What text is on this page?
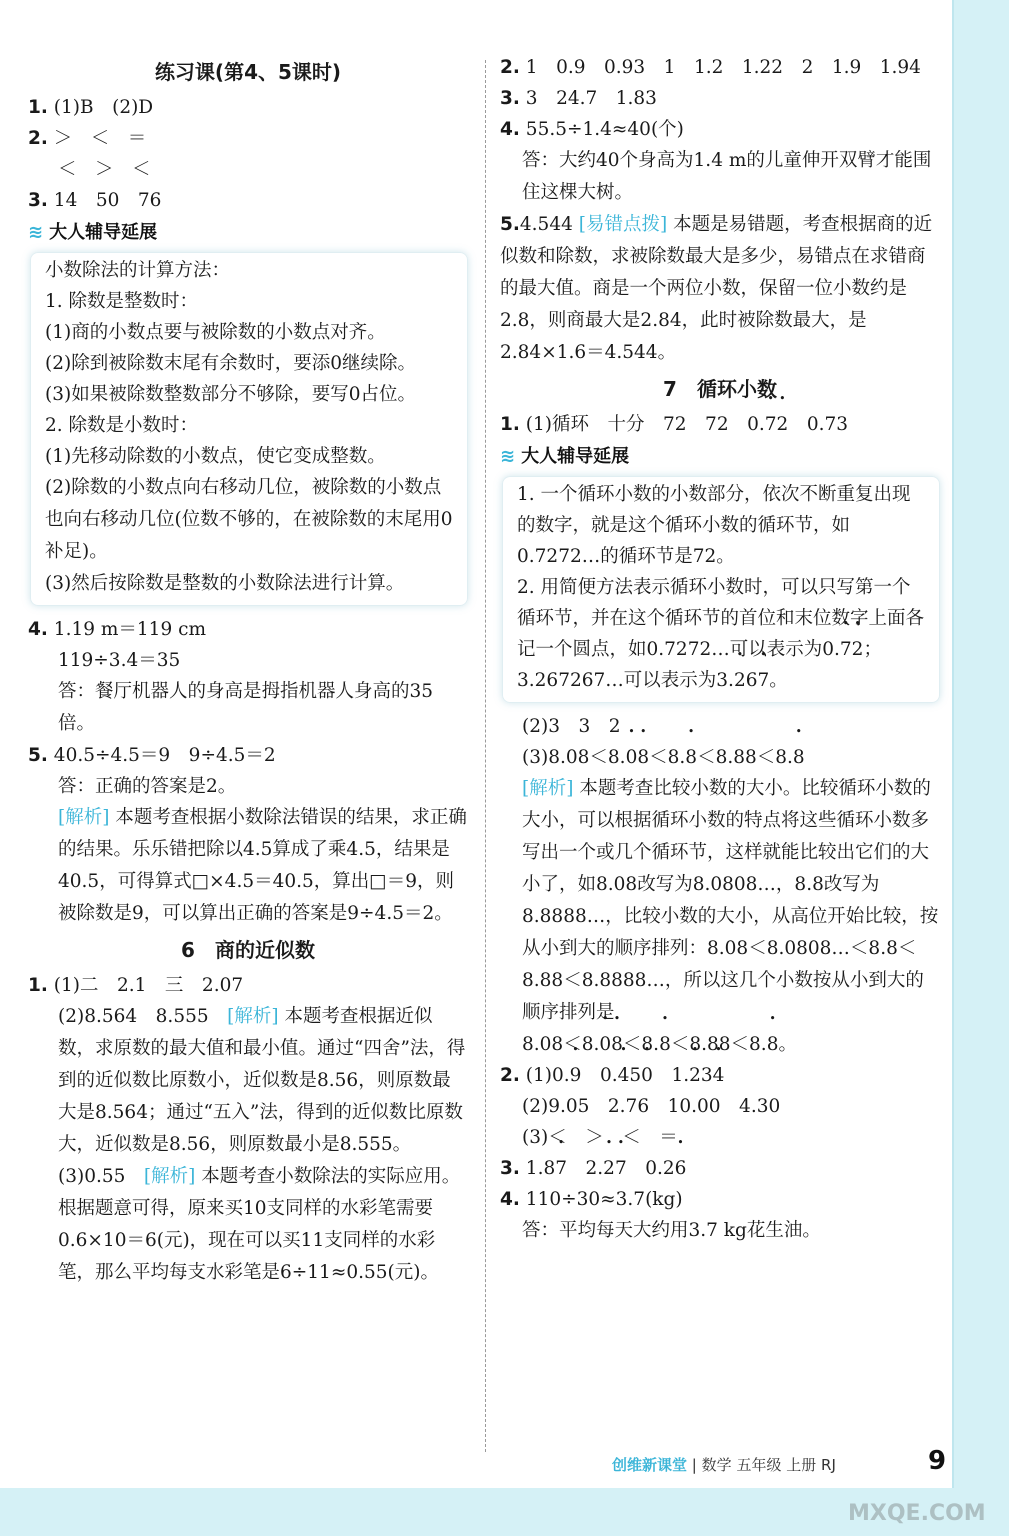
练习课(第4、5课时)
1. (1)B　(2)D
2. ＞　＜　＝
＜　＞　＜
3. 14　50　76
≋ 大人辅导延展
小数除法的计算方法：
1. 除数是整数时：
(1)商的小数点要与被除数的小数点对齐。
(2)除到被除数末尾有余数时，要添0继续除。
(3)如果被除数整数部分不够除，要写0占位。
2. 除数是小数时：
(1)先移动除数的小数点，使它变成整数。
(2)除数的小数点向右移动几位，被除数的小数点也向右移动几位(位数不够的，在被除数的末尾用0补足)。
(3)然后按除数是整数的小数除法进行计算。
4. 1.19 m＝119 cm
119÷3.4＝35
答：餐厅机器人的身高是拇指机器人身高的35倍。
5. 40.5÷4.5＝9　9÷4.5＝2
答：正确的答案是2。
[解析] 本题考查根据小数除法错误的结果，求正确的结果。乐乐错把除以4.5算成了乘4.5，结果是40.5，可得算式□×4.5＝40.5，算出□＝9，则被除数是9，可以算出正确的答案是9÷4.5＝2。
6　商的近似数
1. (1)二　2.1　三　2.07
(2)8.564　8.555　 [解析] 本题考查根据近似数，求原数的最大值和最小值。通过“四舍”法，得到的近似数比原数小，近似数是8.56，则原数最大是8.564；通过“五入”法，得到的近似数比原数大，近似数是8.56，则原数最小是8.555。
(3)0.55　 [解析] 本题考查小数除法的实际应用。根据题意可得，原来买10支同样的水彩笔需要0.6×10＝6(元)，现在可以买11支同样的水彩笔，那么平均每支水彩笔是6÷11≈0.55(元)。
2. 1　0.9　0.93　1　1.2　1.22　2　1.9　1.94
3. 3　24.7　1.83
4. 55.5÷1.4≈40(个)
答：大约40个身高为1.4 m的儿童伸开双臂才能围住这棵大树。
5.4.544 [易错点拨] 本题是易错题，考查根据商的近似数和除数，求被除数最大是多少，易错点在求错商的最大值。商是一个两位小数，保留一位小数约是2.8，则商最大是2.84，此时被除数最大，是2.84×1.6＝4.544。
7　循环小数
1. (1)循环　十分　72　72　0.• 7• 2　0.73
≋ 大人辅导延展
1. 一个循环小数的小数部分，依次不断重复出现的数字，就是这个循环小数的循环节，如0.7272…的循环节是72。
2. 用简便方法表示循环小数时，可以只写第一个循环节，并在这个循环节的首位和末位数字上面各记一个圆点，如0.7272…可以表示为0.• 7• 2；3.267267…可以表示为3.• 26• 7。
(2)3　3　2
(3)8.08＜8.• 0• 8＜8.• 8＜8.88＜8.• 8
[解析] 本题考查比较小数的大小。比较循环小数的大小，可以根据循环小数的特点将这些循环小数多写出一个或几个循环节，这样就能比较出它们的大小了，如8.08改写为8.0808…，8.8改写为8.8888…，比较小数的大小，从高位开始比较，按从小到大的顺序排列：8.08＜8.0808…＜8.8＜8.88＜8.8888…，所以这几个小数按从小到大的顺序排列是
8.08＜8.• 0• 8＜8.• 8＜8.88＜8.• 8。
2. (1)0.• 9　0.• 45• 0　1.• 23• 4
(2)9.05　2.76　10.00　4.30
(3)＜　＞　＜　＝
3. 1.8• 7　2.• 2• 7　0.2• 6
4. 110÷30≈3.7(kg)
答：平均每天大约用3.7 kg花生油。
创维新课堂 | 数学 五年级 上册 RJ	9
MXQE.COM
